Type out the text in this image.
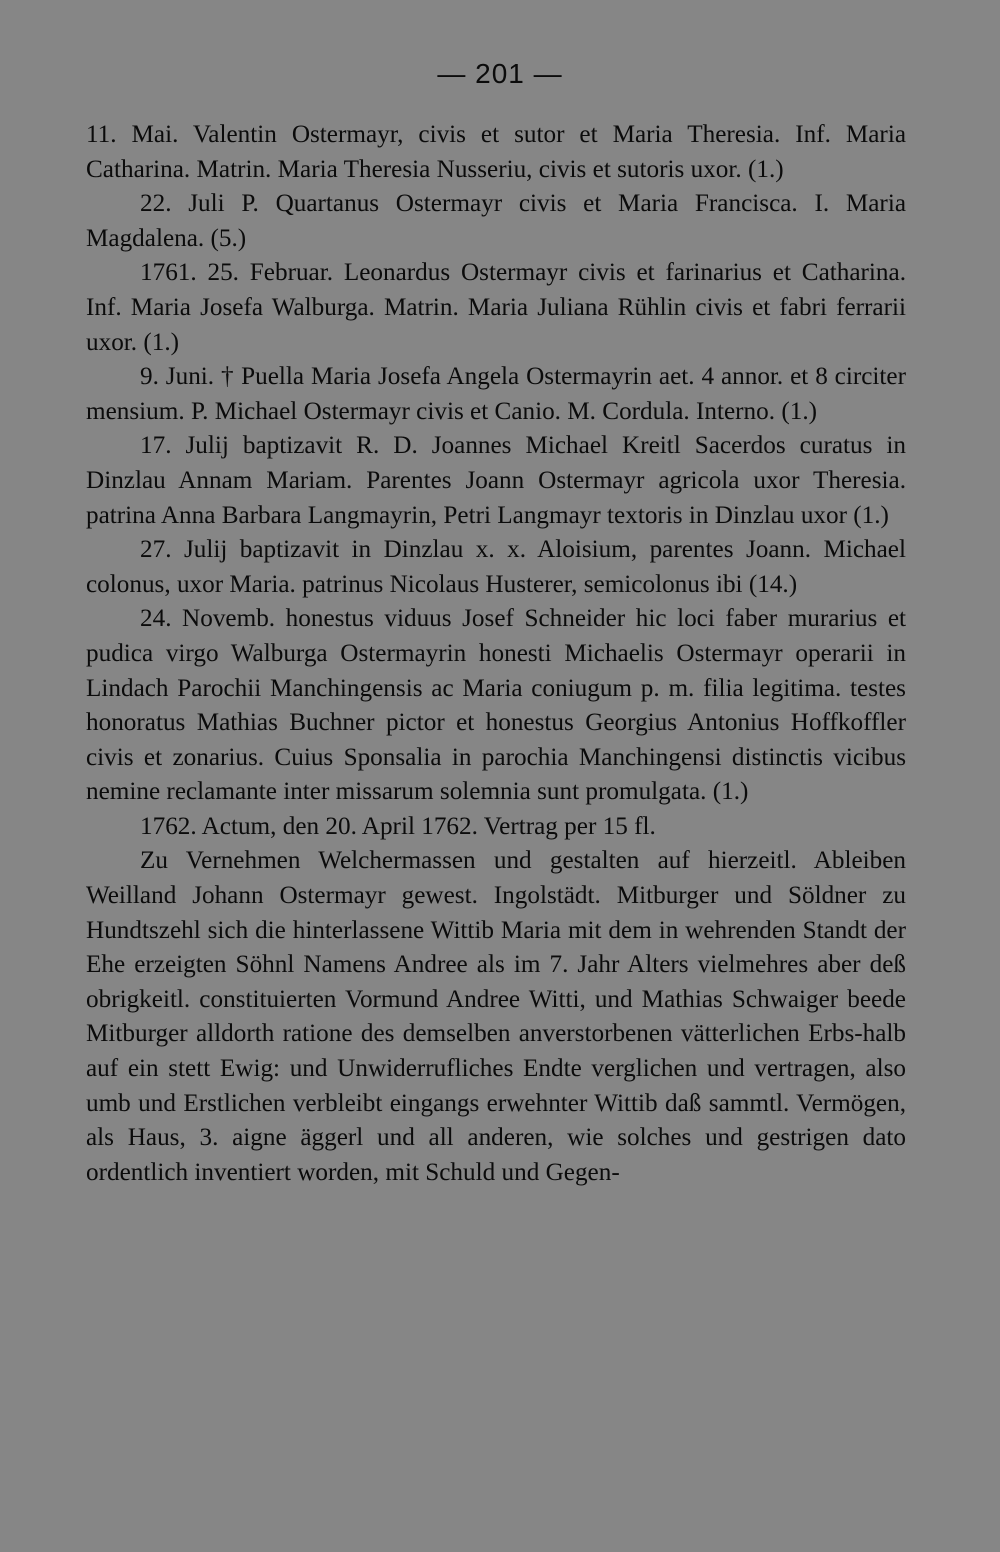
— 201 —

11. Mai. Valentin Ostermayr, civis et sutor et Maria Theresia. Inf. Maria Catharina. Matrin. Maria Theresia Nusseriu, civis et sutoris uxor. (1.)

22. Juli P. Quartanus Ostermayr civis et Maria Francisca. I. Maria Magdalena. (5.)

1761. 25. Februar. Leonardus Ostermayr civis et farinarius et Catharina. Inf. Maria Josefa Walburga. Matrin. Maria Juliana Rühlin civis et fabri ferrarii uxor. (1.)

9. Juni. † Puella Maria Josefa Angela Ostermayrin aet. 4 annor. et 8 circiter mensium. P. Michael Ostermayr civis et Canio. M. Cordula. Interno. (1.)

17. Julij baptizavit R. D. Joannes Michael Kreitl Sacerdos curatus in Dinzlau Annam Mariam. Parentes Joann Ostermayr agricola uxor Theresia. patrina Anna Barbara Langmayrin, Petri Langmayr textoris in Dinzlau uxor (1.)

27. Julij baptizavit in Dinzlau x. x. Aloisium, parentes Joann. Michael colonus, uxor Maria. patrinus Nicolaus Husterer, semicolonus ibi (14.)

24. Novemb. honestus viduus Josef Schneider hic loci faber murarius et pudica virgo Walburga Ostermayrin honesti Michaelis Ostermayr operarii in Lindach Parochii Manchingensis ac Maria coniugum p. m. filia legitima. testes honoratus Mathias Buchner pictor et honestus Georgius Antonius Hoffkoffler civis et zonarius. Cuius Sponsalia in parochia Manchingensi distinctis vicibus nemine reclamante inter missarum solemnia sunt promulgata. (1.)

1762. Actum, den 20. April 1762. Vertrag per 15 fl.

Zu Vernehmen Welchermassen und gestalten auf hierzeitl. Ableiben Weilland Johann Ostermayr gewest. Ingolstädt. Mitburger und Söldner zu Hundtszehl sich die hinterlassene Wittib Maria mit dem in wehrenden Standt der Ehe erzeigten Söhnl Namens Andree als im 7. Jahr Alters vielmehres aber deß obrigkeitl. constituierten Vormund Andree Witti, und Mathias Schwaiger beede Mitburger alldorth ratione des demselben anverstorbenen vätterlichen Erbs-halb auf ein stett Ewig: und Unwiderrufliches Endte verglichen und vertragen, also umb und Erstlichen verbleibt eingangs erwehnter Wittib daß sammtl. Vermögen, als Haus, 3. aigne äggerl und all anderen, wie solches und gestrigen dato ordentlich inventiert worden, mit Schuld und Gegen-
